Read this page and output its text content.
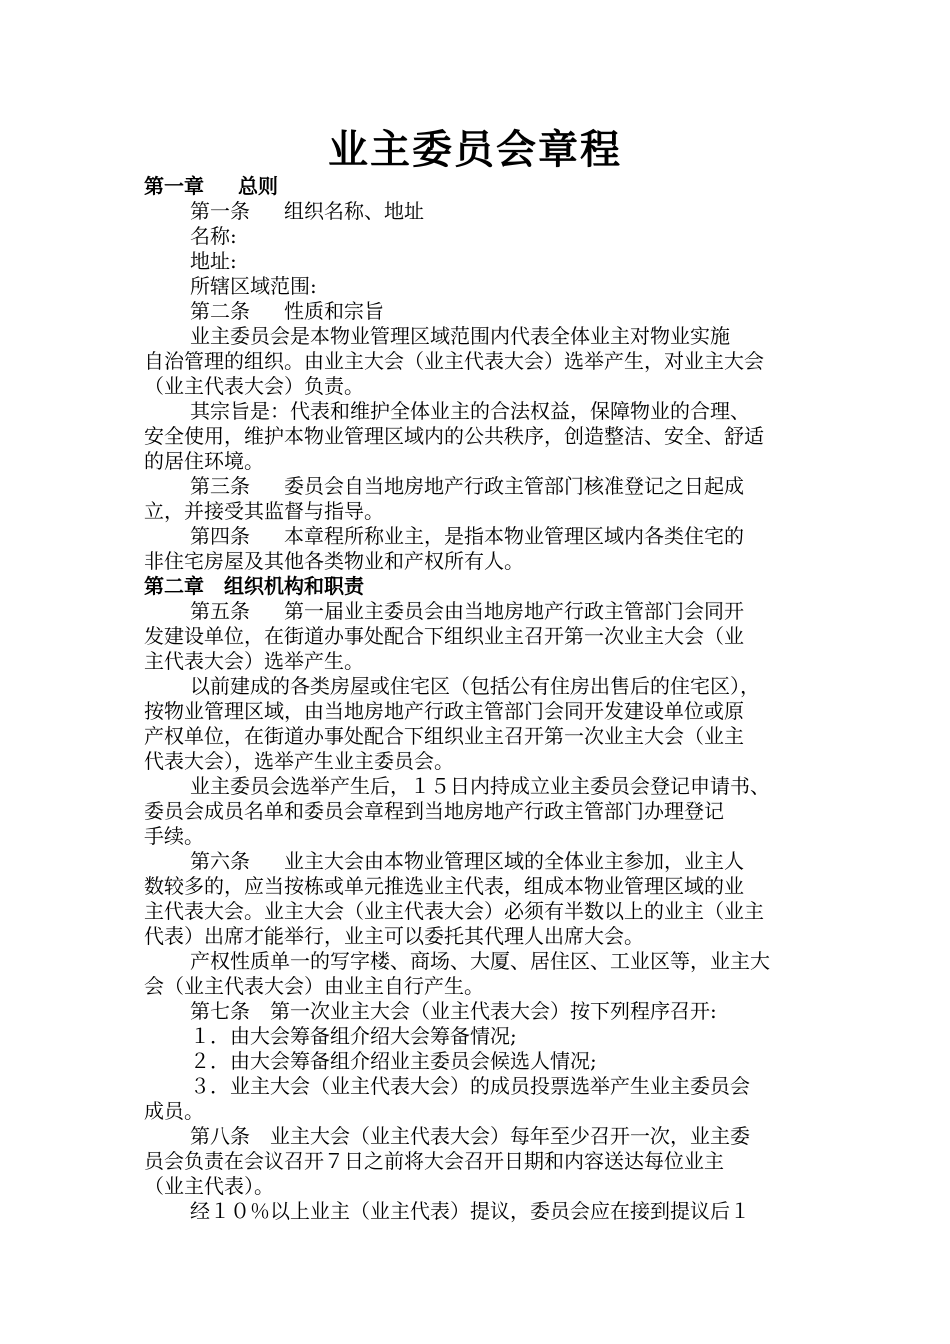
业主委员会章程
第一章 总则
第一条 组织名称、地址
名称:
地址:
所辖区域范围:
第二条 性质和宗旨
业主委员会是本物业管理区域范围内代表全体业主对物业实施
自治管理的组织。由业主大会（业主代表大会）选举产生，对业主大会
（业主代表大会）负责。
其宗旨是：代表和维护全体业主的合法权益，保障物业的合理、
安全使用，维护本物业管理区域内的公共秩序，创造整洁、安全、舒适
的居住环境。
第三条 委员会自当地房地产行政主管部门核准登记之日起成
立，并接受其监督与指导。
第四条 本章程所称业主，是指本物业管理区域内各类住宅的
非住宅房屋及其他各类物业和产权所有人。
第二章 组织机构和职责
第五条 第一届业主委员会由当地房地产行政主管部门会同开
发建设单位，在街道办事处配合下组织业主召开第一次业主大会（业
主代表大会）选举产生。
以前建成的各类房屋或住宅区（包括公有住房出售后的住宅区），
按物业管理区域，由当地房地产行政主管部门会同开发建设单位或原
产权单位，在街道办事处配合下组织业主召开第一次业主大会（业主
代表大会），选举产生业主委员会。
业主委员会选举产生后，１５日内持成立业主委员会登记申请书、
委员会成员名单和委员会章程到当地房地产行政主管部门办理登记
手续。
第六条 业主大会由本物业管理区域的全体业主参加，业主人
数较多的，应当按栋或单元推选业主代表，组成本物业管理区域的业
主代表大会。业主大会（业主代表大会）必须有半数以上的业主（业主
代表）出席才能举行，业主可以委托其代理人出席大会。
产权性质单一的写字楼、商场、大厦、居住区、工业区等，业主大
会（业主代表大会）由业主自行产生。
第七条 第一次业主大会（业主代表大会）按下列程序召开:
１．由大会筹备组介绍大会筹备情况;
２．由大会筹备组介绍业主委员会候选人情况;
３．业主大会（业主代表大会）的成员投票选举产生业主委员会
成员。
第八条 业主大会（业主代表大会）每年至少召开一次，业主委
员会负责在会议召开７日之前将大会召开日期和内容送达每位业主
（业主代表）。
经１０％以上业主（业主代表）提议，委员会应在接到提议后１
